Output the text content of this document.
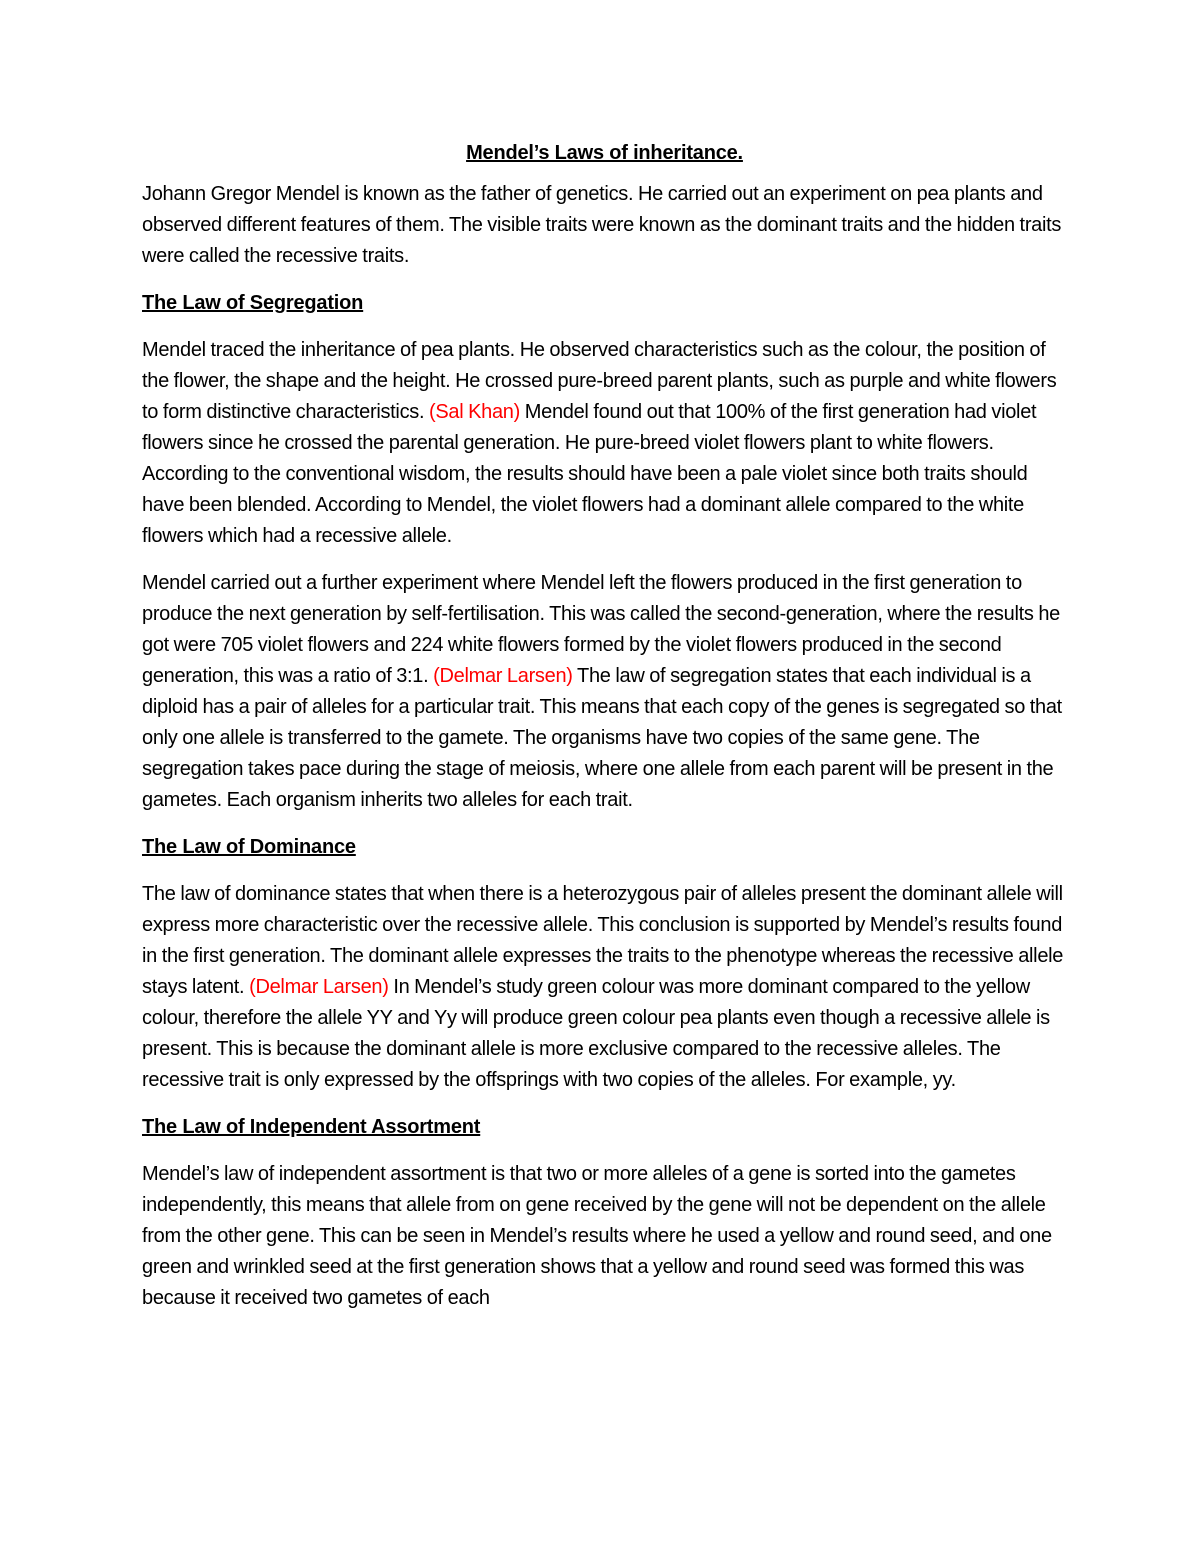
Mendel’s Laws of inheritance.

Johann Gregor Mendel is known as the father of genetics. He carried out an experiment on pea plants and observed different features of them. The visible traits were known as the dominant traits and the hidden traits were called the recessive traits.

The Law of Segregation

Mendel traced the inheritance of pea plants. He observed characteristics such as the colour, the position of the flower, the shape and the height. He crossed pure-breed parent plants, such as purple and white flowers to form distinctive characteristics. (Sal Khan) Mendel found out that 100% of the first generation had violet flowers since he crossed the parental generation. He pure-breed violet flowers plant to white flowers. According to the conventional wisdom, the results should have been a pale violet since both traits should have been blended. According to Mendel, the violet flowers had a dominant allele compared to the white flowers which had a recessive allele.

Mendel carried out a further experiment where Mendel left the flowers produced in the first generation to produce the next generation by self-fertilisation. This was called the second-generation, where the results he got were 705 violet flowers and 224 white flowers formed by the violet flowers produced in the second generation, this was a ratio of 3:1. (Delmar Larsen) The law of segregation states that each individual is a diploid has a pair of alleles for a particular trait. This means that each copy of the genes is segregated so that only one allele is transferred to the gamete. The organisms have two copies of the same gene. The segregation takes pace during the stage of meiosis, where one allele from each parent will be present in the gametes. Each organism inherits two alleles for each trait.

The Law of Dominance

The law of dominance states that when there is a heterozygous pair of alleles present the dominant allele will express more characteristic over the recessive allele. This conclusion is supported by Mendel’s results found in the first generation. The dominant allele expresses the traits to the phenotype whereas the recessive allele stays latent. (Delmar Larsen) In Mendel’s study green colour was more dominant compared to the yellow colour, therefore the allele YY and Yy will produce green colour pea plants even though a recessive allele is present. This is because the dominant allele is more exclusive compared to the recessive alleles. The recessive trait is only expressed by the offsprings with two copies of the alleles. For example, yy.

The Law of Independent Assortment

Mendel’s law of independent assortment is that two or more alleles of a gene is sorted into the gametes independently, this means that allele from on gene received by the gene will not be dependent on the allele from the other gene. This can be seen in Mendel’s results where he used a yellow and round seed, and one green and wrinkled seed at the first generation shows that a yellow and round seed was formed this was because it received two gametes of each
